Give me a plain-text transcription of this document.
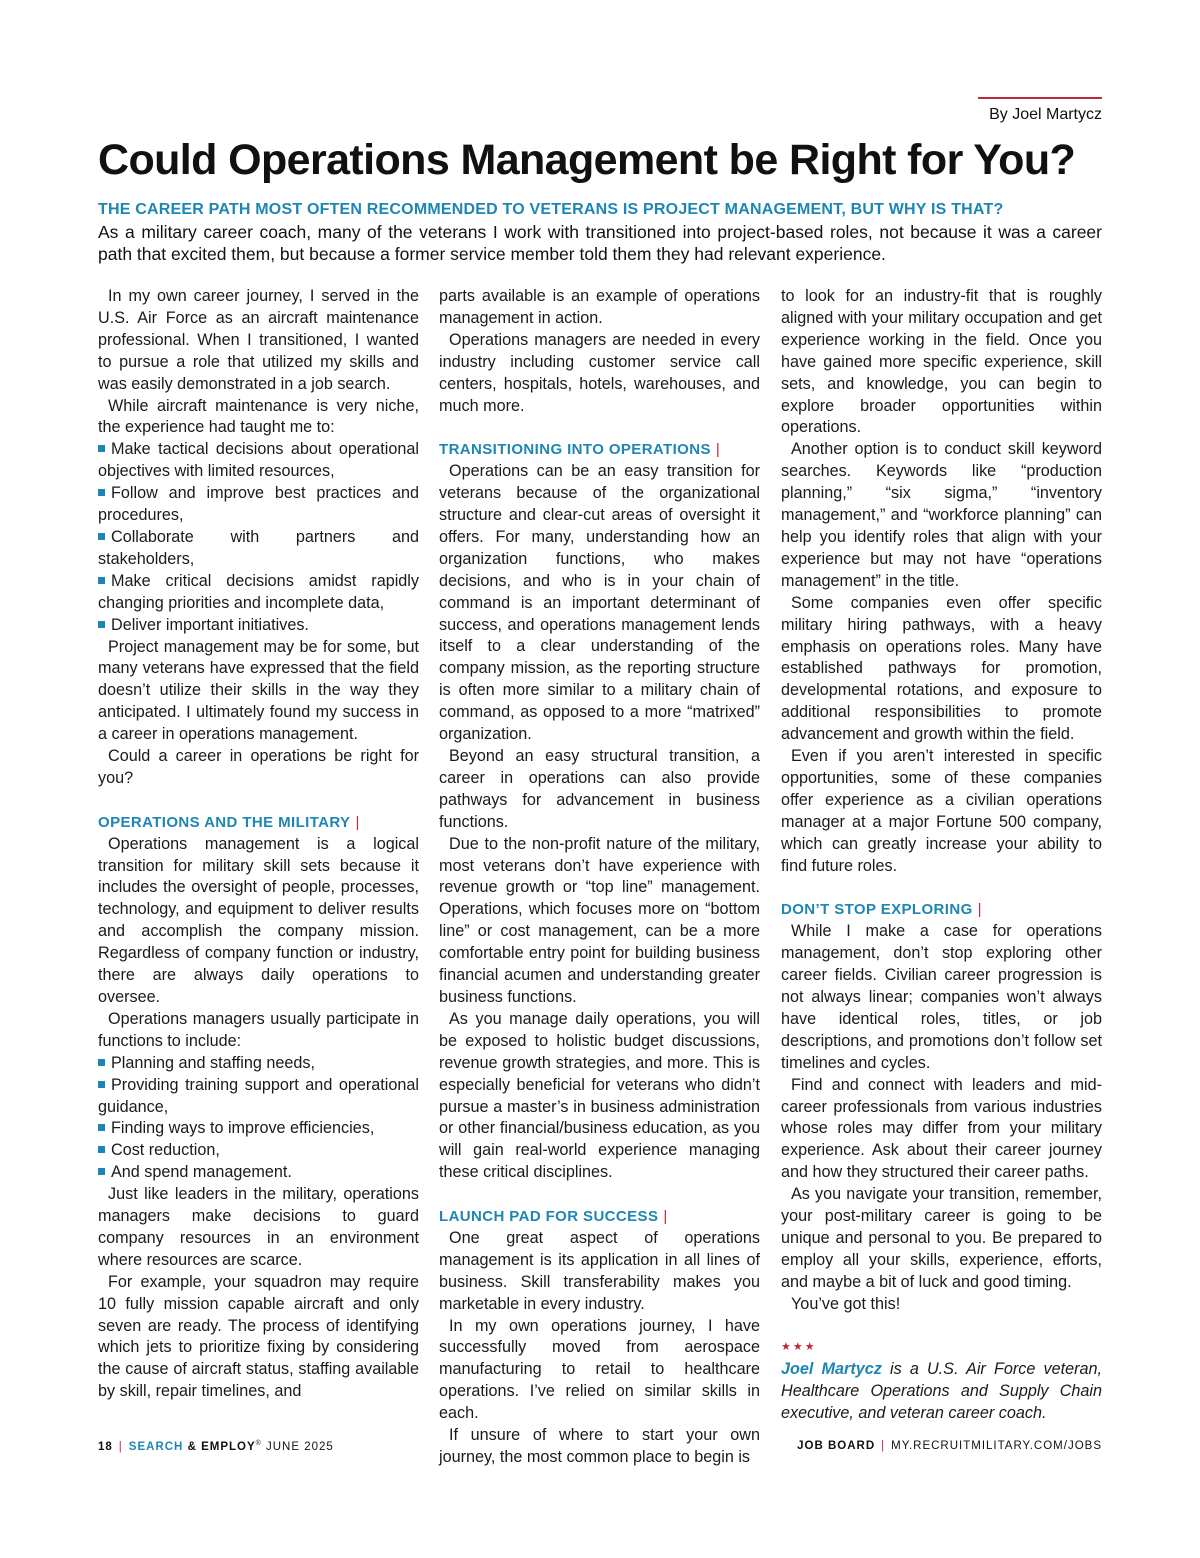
By Joel Martycz
Could Operations Management be Right for You?
THE CAREER PATH MOST OFTEN RECOMMENDED TO VETERANS IS PROJECT MANAGEMENT, BUT WHY IS THAT?
As a military career coach, many of the veterans I work with transitioned into project-based roles, not because it was a career path that excited them, but because a former service member told them they had relevant experience.

In my own career journey, I served in the U.S. Air Force as an aircraft maintenance professional. When I transitioned, I wanted to pursue a role that utilized my skills and was easily demonstrated in a job search.

While aircraft maintenance is very niche, the experience had taught me to:

Make tactical decisions about operational objectives with limited resources,
Follow and improve best practices and procedures,
Collaborate with partners and stakeholders,
Make critical decisions amidst rapidly changing priorities and incomplete data,
Deliver important initiatives.

Project management may be for some, but many veterans have expressed that the field doesn’t utilize their skills in the way they anticipated. I ultimately found my success in a career in operations management.

Could a career in operations be right for you?

OPERATIONS AND THE MILITARY |

Operations management is a logical transition for military skill sets because it includes the oversight of people, processes, technology, and equipment to deliver results and accomplish the company mission. Regardless of company function or industry, there are always daily operations to oversee.

Operations managers usually participate in functions to include:

Planning and staffing needs,
Providing training support and operational guidance,
Finding ways to improve efficiencies,
Cost reduction,
And spend management.

Just like leaders in the military, operations managers make decisions to guard company resources in an environment where resources are scarce.

For example, your squadron may require 10 fully mission capable aircraft and only seven are ready. The process of identifying which jets to prioritize fixing by considering the cause of aircraft status, staffing available by skill, repair timelines, and

parts available is an example of operations management in action.

Operations managers are needed in every industry including customer service call centers, hospitals, hotels, warehouses, and much more.

TRANSITIONING INTO OPERATIONS |

Operations can be an easy transition for veterans because of the organizational structure and clear-cut areas of oversight it offers. For many, understanding how an organization functions, who makes decisions, and who is in your chain of command is an important determinant of success, and operations management lends itself to a clear understanding of the company mission, as the reporting structure is often more similar to a military chain of command, as opposed to a more “matrixed” organization.

Beyond an easy structural transition, a career in operations can also provide pathways for advancement in business functions.

Due to the non-profit nature of the military, most veterans don’t have experience with revenue growth or “top line” management. Operations, which focuses more on “bottom line” or cost management, can be a more comfortable entry point for building business financial acumen and understanding greater business functions.

As you manage daily operations, you will be exposed to holistic budget discussions, revenue growth strategies, and more. This is especially beneficial for veterans who didn’t pursue a master’s in business administration or other financial/business education, as you will gain real-world experience managing these critical disciplines.

LAUNCH PAD FOR SUCCESS |

One great aspect of operations management is its application in all lines of business. Skill transferability makes you marketable in every industry.

In my own operations journey, I have successfully moved from aerospace manufacturing to retail to healthcare operations. I’ve relied on similar skills in each.

If unsure of where to start your own journey, the most common place to begin is

to look for an industry-fit that is roughly aligned with your military occupation and get experience working in the field. Once you have gained more specific experience, skill sets, and knowledge, you can begin to explore broader opportunities within operations.

Another option is to conduct skill keyword searches. Keywords like “production planning,” “six sigma,” “inventory management,” and “workforce planning” can help you identify roles that align with your experience but may not have “operations management” in the title.

Some companies even offer specific military hiring pathways, with a heavy emphasis on operations roles. Many have established pathways for promotion, developmental rotations, and exposure to additional responsibilities to promote advancement and growth within the field.

Even if you aren’t interested in specific opportunities, some of these companies offer experience as a civilian operations manager at a major Fortune 500 company, which can greatly increase your ability to find future roles.

DON’T STOP EXPLORING |

While I make a case for operations management, don’t stop exploring other career fields. Civilian career progression is not always linear; companies won’t always have identical roles, titles, or job descriptions, and promotions don’t follow set timelines and cycles.

Find and connect with leaders and mid-career professionals from various industries whose roles may differ from your military experience. Ask about their career journey and how they structured their career paths.

As you navigate your transition, remember, your post-military career is going to be unique and personal to you. Be prepared to employ all your skills, experience, efforts, and maybe a bit of luck and good timing.

You’ve got this!

★★★

Joel Martycz is a U.S. Air Force veteran, Healthcare Operations and Supply Chain executive, and veteran career coach.

18 | SEARCH & EMPLOY® JUNE 2025	JOB BOARD | MY.RECRUITMILITARY.COM/JOBS
